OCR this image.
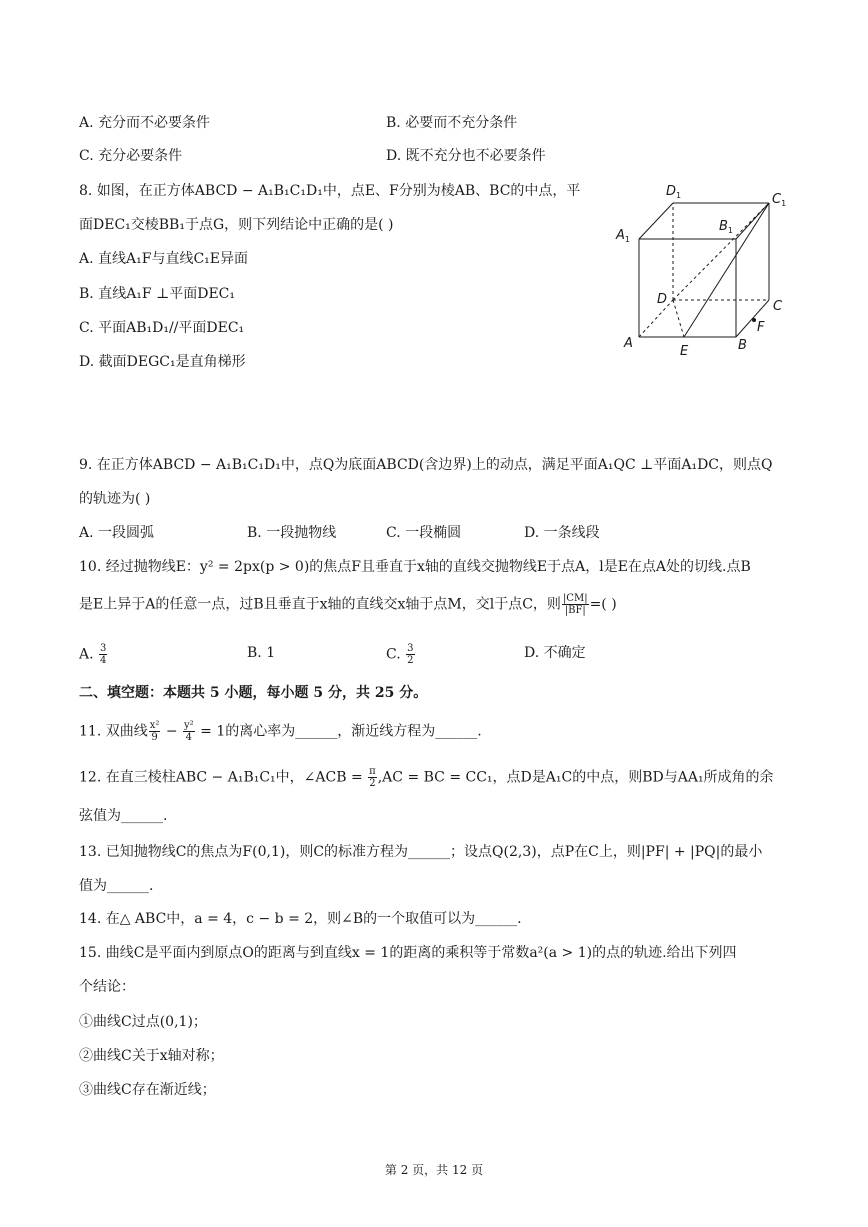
A. 充分而不必要条件	B. 必要而不充分条件
C. 充分必要条件	D. 既不充分也不必要条件
8. 如图，在正方体ABCD − A₁B₁C₁D₁中，点E、F分别为棱AB、BC的中点，平
面DEC₁交棱BB₁于点G，则下列结论中正确的是( )
A. 直线A₁F与直线C₁E异面
B. 直线A₁F ⊥平面DEC₁
C. 平面AB₁D₁//平面DEC₁
D. 截面DEGC₁是直角梯形
$D_1$	$C_1$
$A_1$
$B_1$
D	C
A	B
E
F
9. 在正方体ABCD − A₁B₁C₁D₁中，点Q为底面ABCD(含边界)上的动点，满足平面A₁QC ⊥平面A₁DC，则点Q
的轨迹为( )
A. 一段圆弧	B. 一段抛物线	C. 一段椭圆	D. 一条线段
10. 经过抛物线E：y² = 2px(p > 0)的焦点F且垂直于x轴的直线交抛物线E于点A，l是E在点A处的切线.点B
是E上异于A的任意一点，过B且垂直于x轴的直线交x轴于点M，交l于点C，则 $\frac{|CM|}{|BF|}$ =( )
A. $\frac{3}{4}$	B. 1	C. $\frac{3}{2}$	D. 不确定
二、填空题：本题共 5 小题，每小题 5 分，共 25 分。
11. 双曲线 $\frac{\text{x²}}{9} - \frac{\text{y²}}{4} = 1$的离心率为______，渐近线方程为______.
12. 在直三棱柱ABC − A₁B₁C₁中，∠ACB = $\frac{\pi}{2} ,AC$ = BC = CC₁，点D是A₁C的中点，则BD与AA₁所成角的余
弦值为______.
13. 已知抛物线C的焦点为F(0,1)，则C的标准方程为______；设点Q(2,3)，点P在C上，则|PF| + |PQ|的最小
值为______.
14. 在△ ABC中，a = 4，c − b = 2，则∠B的一个取值可以为______.
15. 曲线C是平面内到原点O的距离与到直线x = 1的距离的乘积等于常数a²(a > 1)的点的轨迹.给出下列四
个结论：
①曲线C过点(0,1)；
②曲线C关于x轴对称；
③曲线C存在渐近线；
第 2 页，共 12 页
